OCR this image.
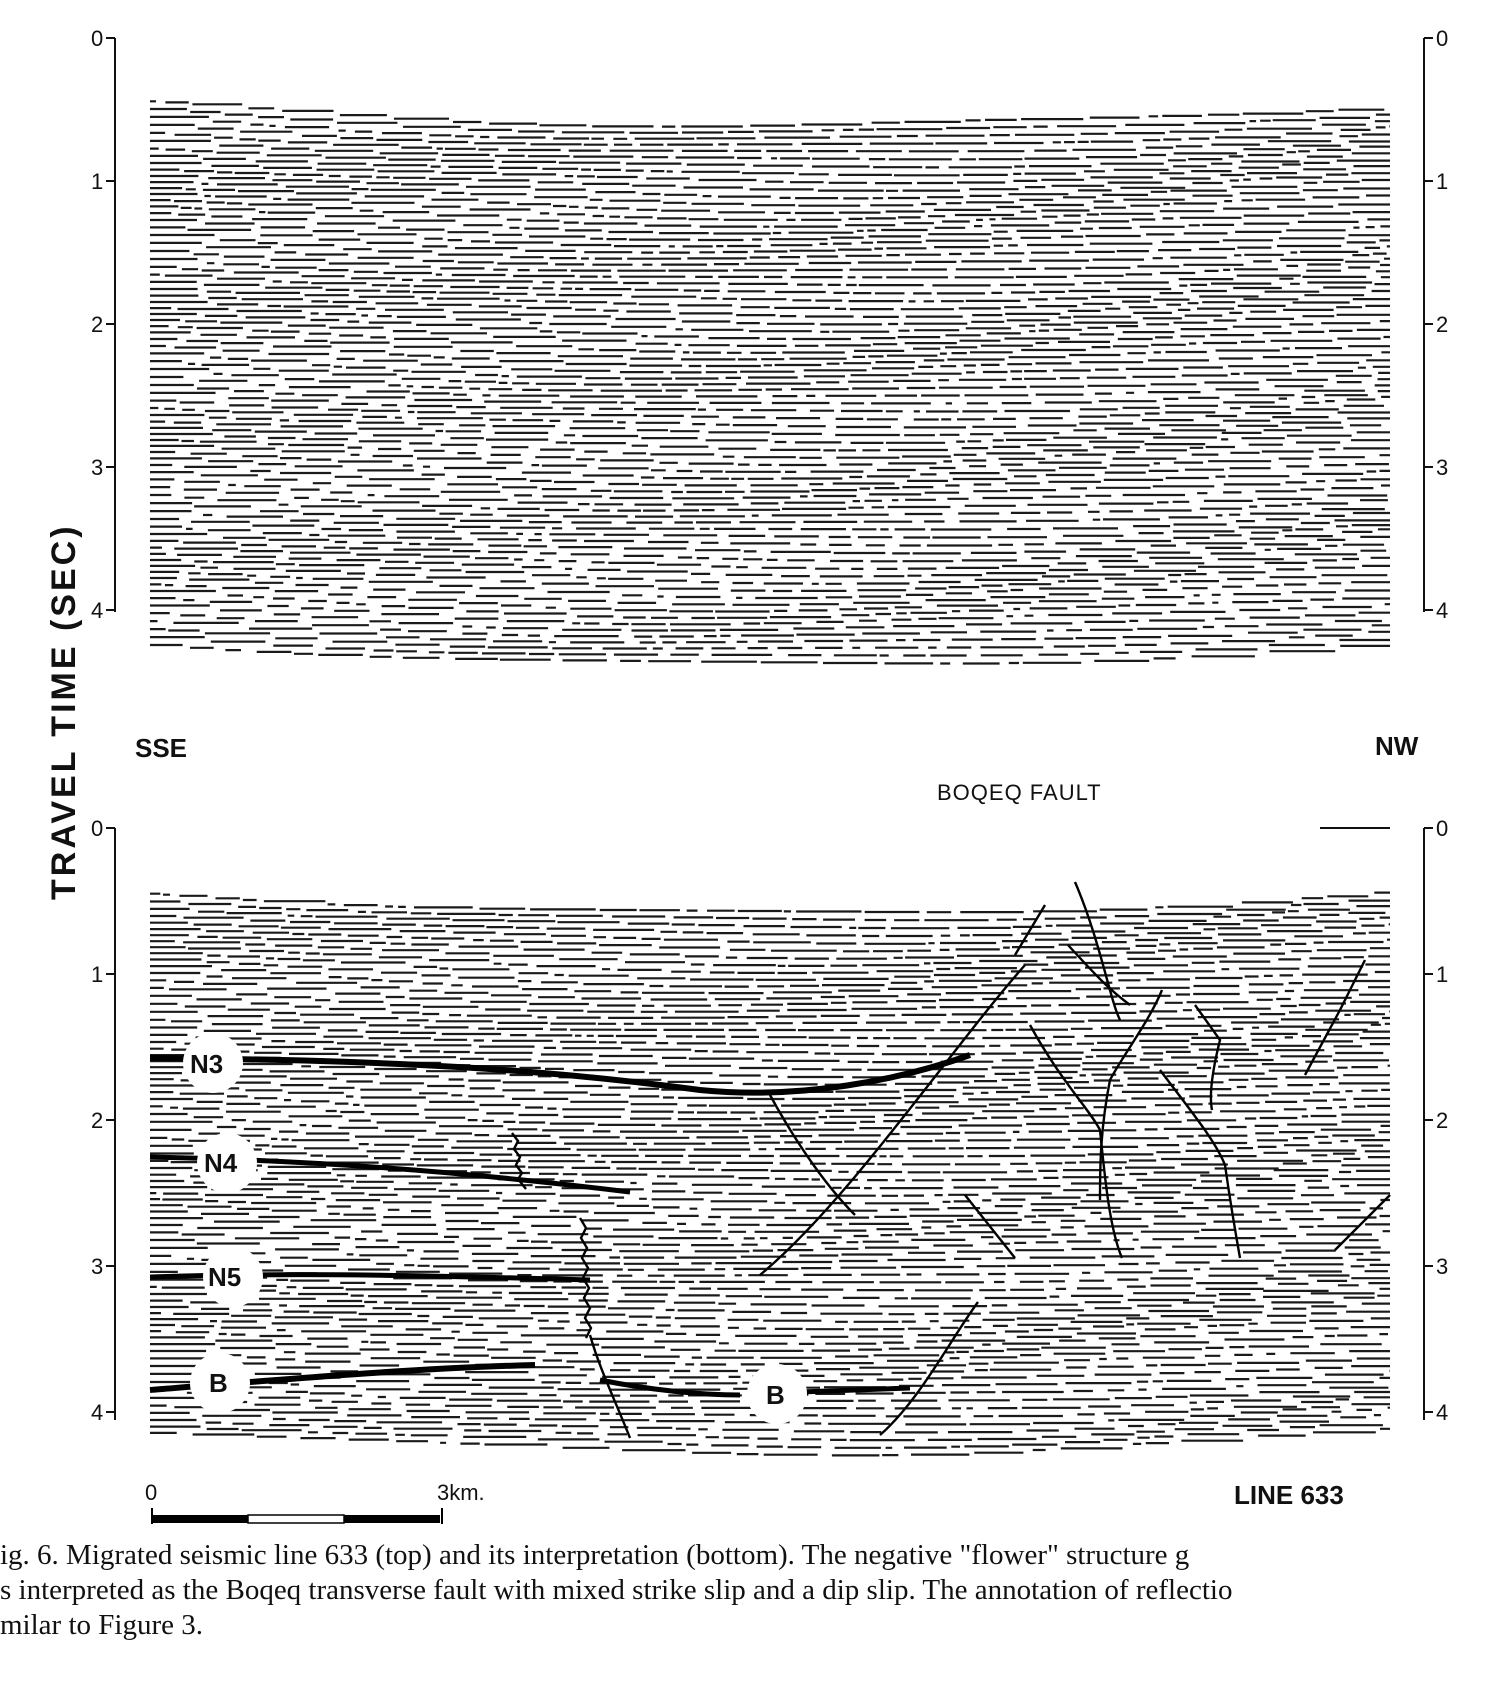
0
1
2
3
4
0
1
2
3
4
TRAVEL TIME (SEC) SSE	NW
BOQEQ FAULT
0
1
2
3
4
0
1
2
3
4
N3
N4
N5
B	B
0	3km.	LINE 633
ig. 6. Migrated seismic line 633 (top) and its interpretation (bottom). The negative "flower" structure g
s interpreted as the Boqeq transverse fault with mixed strike slip and a dip slip. The annotation of reflectio
milar to Figure 3.
